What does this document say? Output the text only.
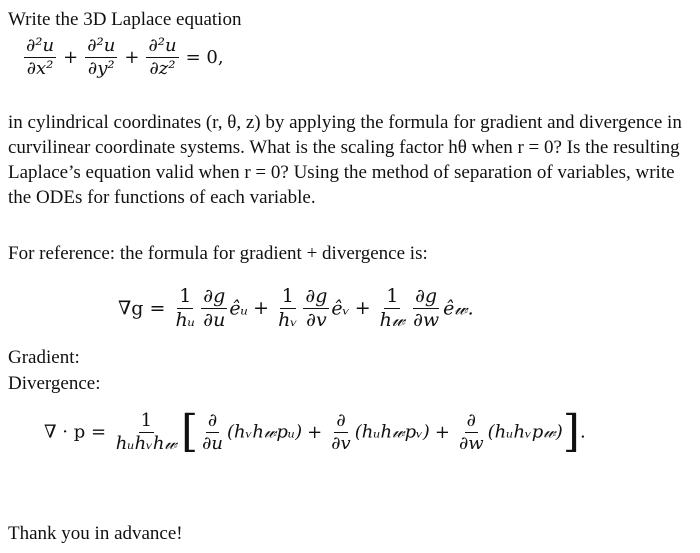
Write the 3D Laplace equation
$\frac{\text{∂²u}}{\text{∂x²}} + \frac{\text{∂²u}}{\text{∂y²}} + \frac{\text{∂²u}}{\text{∂z²}} = 0$,
in cylindrical coordinates (r, θ, z) by applying the formula for gradient and divergence in curvilinear coordinate systems. What is the scaling factor hθ when r = 0? Is the resulting Laplace’s equation valid when r = 0? Using the method of separation of variables, write the ODEs for functions of each variable.
For reference: the formula for gradient + divergence is:
$\nabla g = \frac{1}{\text{hᵤ}} \frac{\partial g}{\partial u}$ êᵤ + $\frac{1}{\text{hᵥ}} \frac{\partial g}{\partial v}$ êᵥ + $\frac{1}{\text{h𝓌}} \frac{\partial g}{\partial w}$ ê𝓌.
Gradient:
Divergence:
∇ · $p = \frac{1}{\text{hᵤhᵥh𝓌}}$ [ $\frac{\partial}{\partial u}$ (hᵥh𝓌pᵤ) + $\frac{\partial}{\partial v}$ (hᵤh𝓌pᵥ) + $\frac{\partial}{\partial w}$ (hᵤhᵥp𝓌)].
Thank you in advance!
